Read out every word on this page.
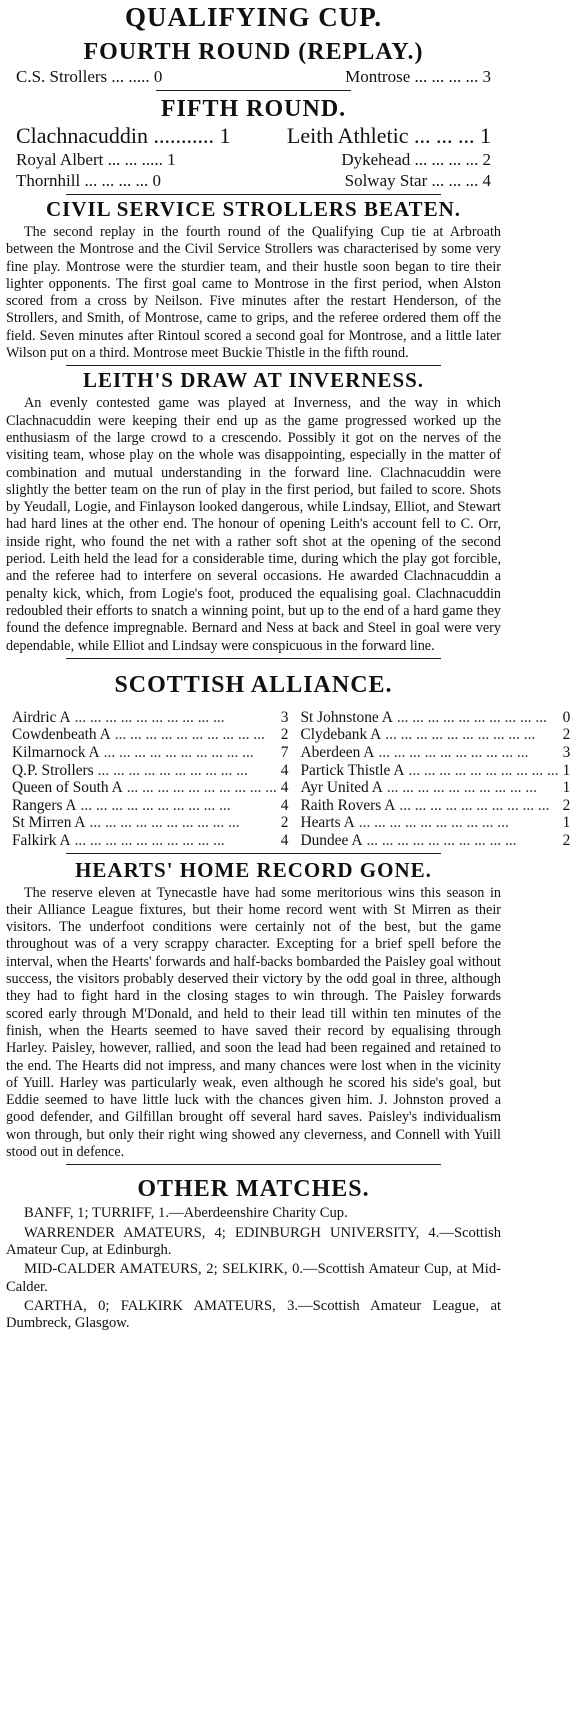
QUALIFYING CUP.
FOURTH ROUND (REPLAY.)
C.S. Strollers ... ..... 0	Montrose ... ... ... ... 3
FIFTH ROUND.
Clachnacuddin ........... 1	Leith Athletic ... ... ... 1
Royal Albert ... ... ..... 1	Dykehead ... ... ... ... 2
Thornhill ... ... ... ... 0	Solway Star ... ... ... 4
CIVIL SERVICE STROLLERS BEATEN.

The second replay in the fourth round of the Qualifying Cup tie at Arbroath between the Montrose and the Civil Service Strollers was characterised by some very fine play. Montrose were the sturdier team, and their hustle soon began to tire their lighter opponents. The first goal came to Montrose in the first period, when Alston scored from a cross by Neilson. Five minutes after the restart Henderson, of the Strollers, and Smith, of Montrose, came to grips, and the referee ordered them off the field. Seven minutes after Rintoul scored a second goal for Montrose, and a little later Wilson put on a third. Montrose meet Buckie Thistle in the fifth round.

LEITH'S DRAW AT INVERNESS.

An evenly contested game was played at Inverness, and the way in which Clachnacuddin were keeping their end up as the game progressed worked up the enthusiasm of the large crowd to a crescendo. Possibly it got on the nerves of the visiting team, whose play on the whole was disappointing, especially in the matter of combination and mutual understanding in the forward line. Clachnacuddin were slightly the better team on the run of play in the first period, but failed to score. Shots by Yeudall, Logie, and Finlayson looked dangerous, while Lindsay, Elliot, and Stewart had hard lines at the other end. The honour of opening Leith's account fell to C. Orr, inside right, who found the net with a rather soft shot at the opening of the second period. Leith held the lead for a considerable time, during which the play got forcible, and the referee had to interfere on several occasions. He awarded Clachnacuddin a penalty kick, which, from Logie's foot, produced the equalising goal. Clachnacuddin redoubled their efforts to snatch a winning point, but up to the end of a hard game they found the defence impregnable. Bernard and Ness at back and Steel in goal were very dependable, while Elliot and Lindsay were conspicuous in the forward line.

SCOTTISH ALLIANCE.
Airdric A ... ... ... ... ... ... ... ... ... ...	3 St Johnstone A ... ... ... ... ... ... ... ... ... ...	0
Cowdenbeath A ... ... ... ... ... ... ... ... ... ...	2 Clydebank A ... ... ... ... ... ... ... ... ... ...	2
Kilmarnock A ... ... ... ... ... ... ... ... ... ...	7 Aberdeen A ... ... ... ... ... ... ... ... ... ...	3
Q.P. Strollers ... ... ... ... ... ... ... ... ... ...	4 Partick Thistle A ... ... ... ... ... ... ... ... ... ... 1
Queen of South A ... ... ... ... ... ... ... ... ... ... 4 Ayr United A ... ... ... ... ... ... ... ... ... ...	1
Rangers A ... ... ... ... ... ... ... ... ... ...	4 Raith Rovers A ... ... ... ... ... ... ... ... ... ... 2
St Mirren A ... ... ... ... ... ... ... ... ... ...	2 Hearts A ... ... ... ... ... ... ... ... ... ...	1
Falkirk A ... ... ... ... ... ... ... ... ... ...	4 Dundee A ... ... ... ... ... ... ... ... ... ...	2
HEARTS' HOME RECORD GONE.

The reserve eleven at Tynecastle have had some meritorious wins this season in their Alliance League fixtures, but their home record went with St Mirren as their visitors. The underfoot conditions were certainly not of the best, but the game throughout was of a very scrappy character. Excepting for a brief spell before the interval, when the Hearts' forwards and half-backs bombarded the Paisley goal without success, the visitors probably deserved their victory by the odd goal in three, although they had to fight hard in the closing stages to win through. The Paisley forwards scored early through M'Donald, and held to their lead till within ten minutes of the finish, when the Hearts seemed to have saved their record by equalising through Harley. Paisley, however, rallied, and soon the lead had been regained and retained to the end. The Hearts did not impress, and many chances were lost when in the vicinity of Yuill. Harley was particularly weak, even although he scored his side's goal, but Eddie seemed to have little luck with the chances given him. J. Johnston proved a good defender, and Gilfillan brought off several hard saves. Paisley's individualism won through, but only their right wing showed any cleverness, and Connell with Yuill stood out in defence.

OTHER MATCHES.

BANFF, 1; TURRIFF, 1.—Aberdeenshire Charity Cup.

WARRENDER AMATEURS, 4; EDINBURGH UNIVERSITY, 4.—Scottish Amateur Cup, at Edinburgh.

MID-CALDER AMATEURS, 2; SELKIRK, 0.—Scottish Amateur Cup, at Mid-Calder.

CARTHA, 0; FALKIRK AMATEURS, 3.—Scottish Amateur League, at Dumbreck, Glasgow.
